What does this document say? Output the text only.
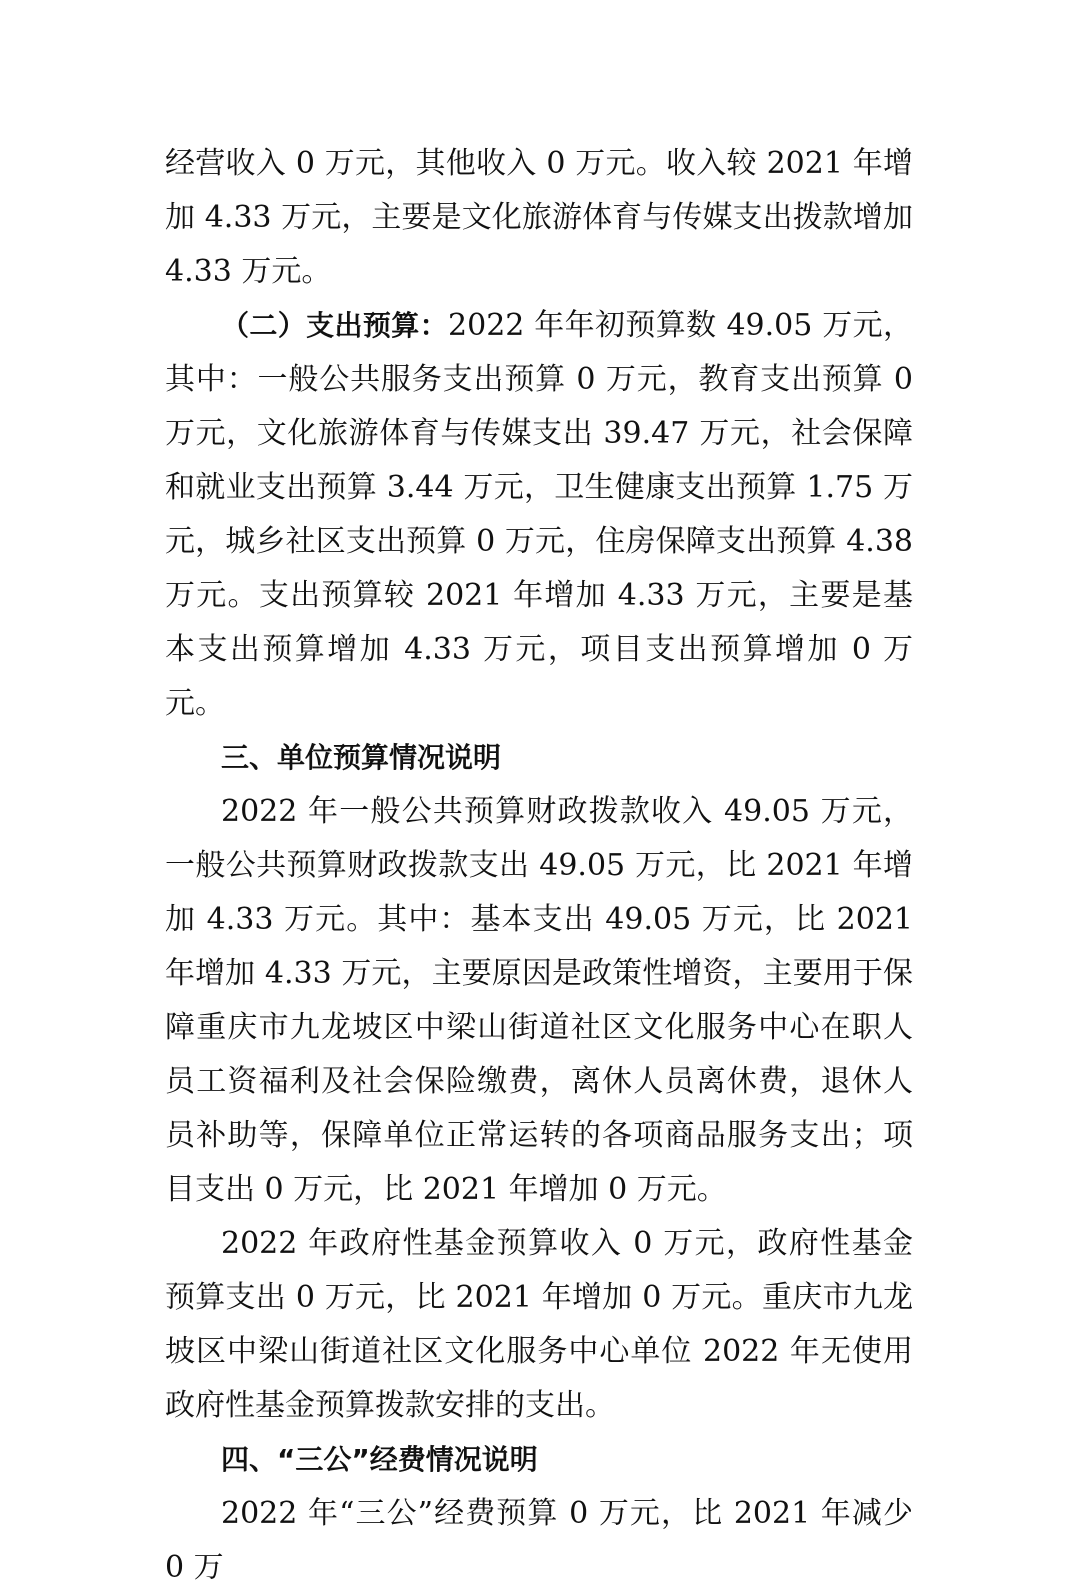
经营收入 0 万元，其他收入 0 万元。收入较 2021 年增加 4.33 万元，主要是文化旅游体育与传媒支出拨款增加 4.33 万元。

（二）支出预算：2022 年年初预算数 49.05 万元，其中：一般公共服务支出预算 0 万元，教育支出预算 0 万元，文化旅游体育与传媒支出 39.47 万元，社会保障和就业支出预算 3.44 万元，卫生健康支出预算 1.75 万元，城乡社区支出预算 0 万元，住房保障支出预算 4.38 万元。支出预算较 2021 年增加 4.33 万元，主要是基本支出预算增加 4.33 万元，项目支出预算增加 0 万元。

三、单位预算情况说明

2022 年一般公共预算财政拨款收入 49.05 万元，一般公共预算财政拨款支出 49.05 万元，比 2021 年增加 4.33 万元。其中：基本支出 49.05 万元，比 2021 年增加 4.33 万元，主要原因是政策性增资，主要用于保障重庆市九龙坡区中梁山街道社区文化服务中心在职人员工资福利及社会保险缴费，离休人员离休费，退休人员补助等，保障单位正常运转的各项商品服务支出；项目支出 0 万元，比 2021 年增加 0 万元。

2022 年政府性基金预算收入 0 万元，政府性基金预算支出 0 万元，比 2021 年增加 0 万元。重庆市九龙坡区中梁山街道社区文化服务中心单位 2022 年无使用政府性基金预算拨款安排的支出。

四、“三公”经费情况说明

2022 年“三公”经费预算 0 万元，比 2021 年减少 0 万
